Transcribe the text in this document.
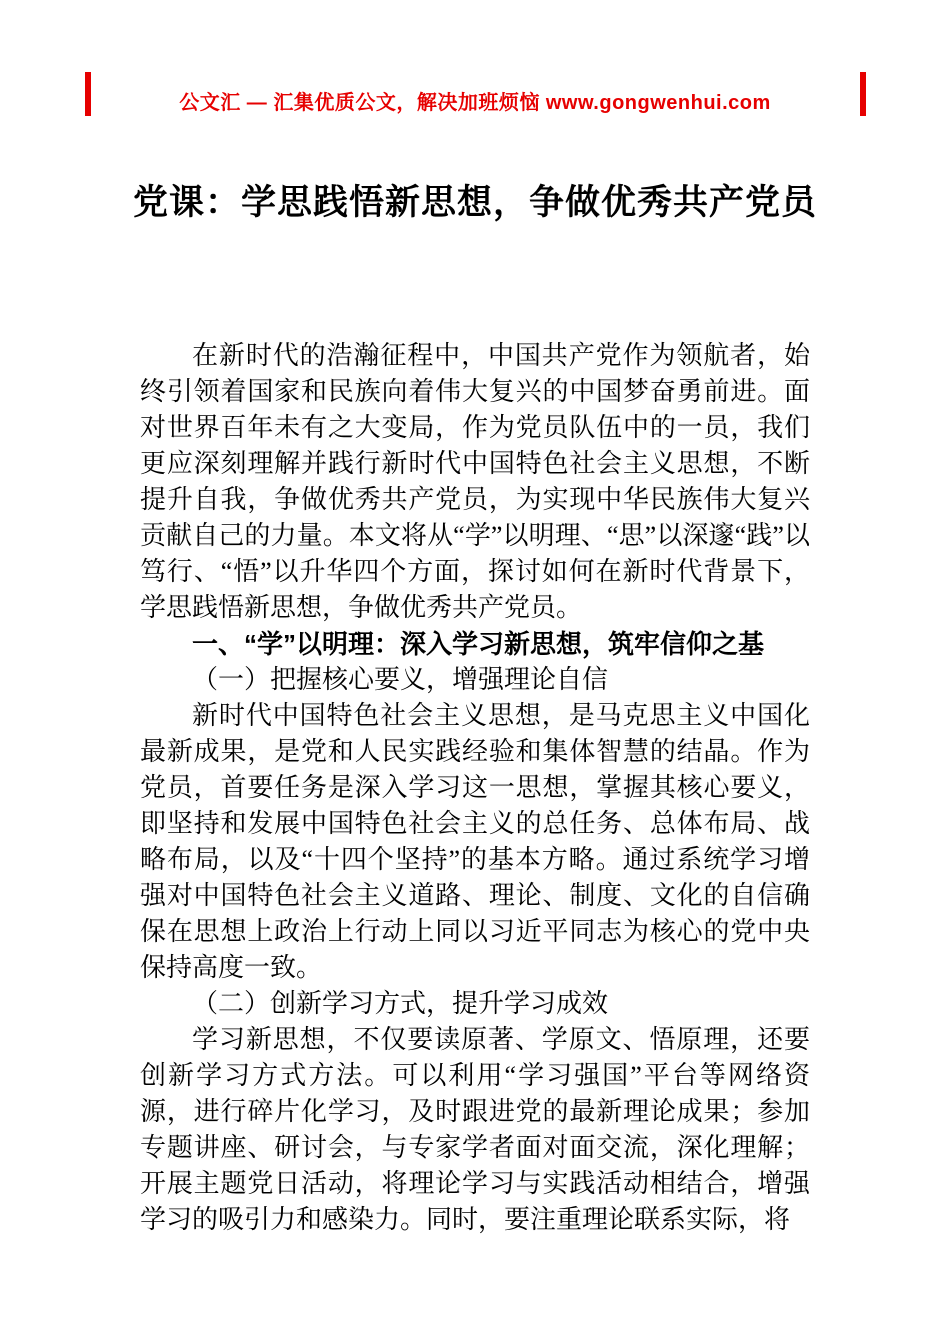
公文汇 — 汇集优质公文，解决加班烦恼 www.gongwenhui.com
党课：学思践悟新思想，争做优秀共产党员

在新时代的浩瀚征程中，中国共产党作为领航者，始终引领着国家和民族向着伟大复兴的中国梦奋勇前进。面对世界百年未有之大变局，作为党员队伍中的一员，我们更应深刻理解并践行新时代中国特色社会主义思想，不断提升自我，争做优秀共产党员，为实现中华民族伟大复兴贡献自己的力量。本文将从“学”以明理、“思”以深邃“践”以笃行、“悟”以升华四个方面，探讨如何在新时代背景下，学思践悟新思想，争做优秀共产党员。

一、“学”以明理：深入学习新思想，筑牢信仰之基

（一）把握核心要义，增强理论自信

新时代中国特色社会主义思想，是马克思主义中国化最新成果，是党和人民实践经验和集体智慧的结晶。作为党员，首要任务是深入学习这一思想，掌握其核心要义，即坚持和发展中国特色社会主义的总任务、总体布局、战略布局，以及“十四个坚持”的基本方略。通过系统学习增强对中国特色社会主义道路、理论、制度、文化的自信确保在思想上政治上行动上同以习近平同志为核心的党中央保持高度一致。

（二）创新学习方式，提升学习成效

学习新思想，不仅要读原著、学原文、悟原理，还要创新学习方式方法。可以利用“学习强国”平台等网络资源，进行碎片化学习，及时跟进党的最新理论成果；参加专题讲座、研讨会，与专家学者面对面交流，深化理解；开展主题党日活动，将理论学习与实践活动相结合，增强学习的吸引力和感染力。同时，要注重理论联系实际，将
